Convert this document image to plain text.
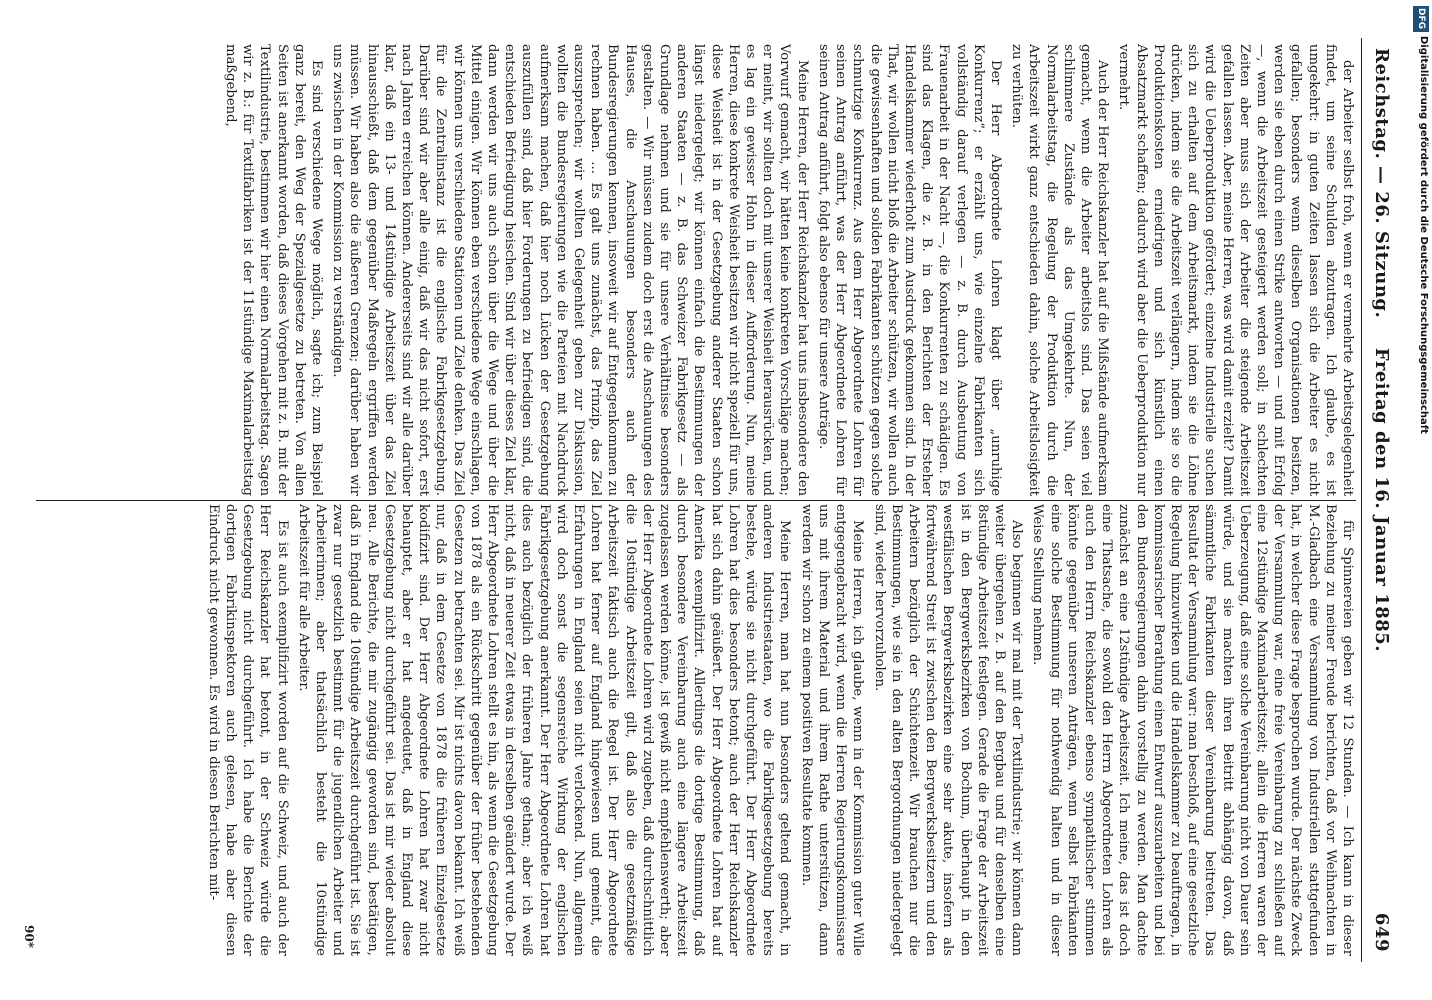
Reichstag. — 26. Sitzung.
Freitag den 16. Januar 1885.
649

der Arbeiter selbst froh, wenn er vermehrte Arbeitsgelegenheit findet, um seine Schulden abzutragen. Ich glaube, es ist umgekehrt: in guten Zeiten lassen sich die Arbeiter es nicht gefallen; besonders wenn dieselben Organisationen besitzen, werden sie eben durch einen Strike antworten — und mit Erfolg —, wenn die Arbeitszeit gesteigert werden soll; in schlechten Zeiten aber muss sich der Arbeiter die steigende Arbeitszeit gefallen lassen. Aber, meine Herren, was wird damit erzielt? Damit wird die Ueberproduktion gefördert; einzelne Industrielle suchen sich zu erhalten auf dem Arbeitsmarkt, indem sie die Löhne drücken, indem sie die Arbeitszeit verlängern, indem sie so die Produktionskosten erniedrigen und sich künstlich einen Absatzmarkt schaffen; dadurch wird aber die Ueberproduktion nur vermehrt.

Auch der Herr Reichskanzler hat auf die Mißstände aufmerksam gemacht, wenn die Arbeiter arbeitslos sind. Das seien viel schlimmere Zustände als das Umgekehrte. Nun, der Normalarbeitstag, die Regelung der Produktion durch die Arbeitszeit wirkt ganz entschieden dahin, solche Arbeitslosigkeit zu verhüten.

Der Herr Abgeordnete Lohren klagt über „unruhige Konkurrenz“; er erzählt uns, wie einzelne Fabrikanten sich vollständig darauf verlegen — z. B. durch Ausbeutung von Frauenarbeit in der Nacht —, die Konkurrenten zu schädigen. Es sind das Klagen, die z. B. in den Berichten der Ersteher Handelskammer wiederholt zum Ausdruck gekommen sind. In der That, wir wollen nicht bloß die Arbeiter schützen, wir wollen auch die gewissenhaften und soliden Fabrikanten schützen gegen solche schmutzige Konkurrenz. Aus dem Herr Abgeordnete Lohren für seinen Antrag anführt, was der Herr Abgeordnete Lohren für seinen Antrag anführt, folgt also ebenso für unsere Anträge.

Meine Herren, der Herr Reichskanzler hat uns insbesondere den Vorwurf gemacht, wir hätten keine konkreten Vorschläge machen; er meint, wir sollten doch mit unserer Weisheit herausrücken, und es lag ein gewisser Hohn in dieser Aufforderung. Nun, meine Herren, diese konkrete Weisheit besitzen wir nicht speziell für uns, diese Weisheit ist in der Gesetzgebung anderer Staaten schon längst niedergelegt; wir können einfach die Bestimmungen der anderen Staaten — z. B. das Schweizer Fabrikgesetz — als Grundlage nehmen und sie für unsere Verhältnisse besonders gestalten. — Wir müssen zudem doch erst die Anschauungen des Hauses, die Anschauungen besonders auch der Bundesregierungen kennen, insoweit wir auf Entgegenkommen zu rechnen haben. ... Es galt uns zunächst, das Prinzip, das Ziel auszusprechen; wir wollten Gelegenheit geben zur Diskussion, wollten die Bundesregierungen wie die Parteien mit Nachdruck aufmerksam machen, daß hier noch Lücken der Gesetzgebung auszufüllen sind, daß hier Forderungen zu befriedigen sind, die entschieden Befriedigung heischen. Sind wir über dieses Ziel klar, dann werden wir uns auch schon über die Wege und über die Mittel einigen. Wir können eben verschiedene Wege einschlagen, wir können uns verschiedene Stationen und Ziele denken. Das Ziel für die Zentralinstanz ist die englische Fabrikgesetzgebung. Darüber sind wir aber alle einig, daß wir das nicht sofort, erst nach Jahren erreichen können. Andererseits sind wir alle darüber klar, daß ein 13- und 14stündige Arbeitszeit über das Ziel hinausschießt, daß dem gegenüber Maßregeln ergriffen werden müssen. Wir haben also die äußeren Grenzen; darüber haben wir uns zwischen in der Kommission zu verständigen.

Es sind verschiedene Wege möglich, sagte ich; zum Beispiel ganz bereit, den Weg der Spezialgesetze zu betreten. Von allen Seiten ist anerkannt worden, daß dieses Vorgehen mit z. B. mit der Textilindustrie, bestimmen wir hier einen Normalarbeitstag. Sagen wir z. B.: für Textilfabriken ist der 11stündige Maximalarbeitstag maßgebend,

für Spinnereien geben wir 12 Stunden. — Ich kann in dieser Beziehung zu meiner Freude berichten, daß vor Weihnachten in M.-Gladbach eine Versammlung von Industriellen stattgefunden hat, in welcher diese Frage besprochen wurde. Der nächste Zweck der Versammlung war, eine freie Vereinbarung zu schließen auf eine 12stündige Maximalarbeitszeit; allein die Herren waren der Ueberzeugung, daß eine solche Vereinbarung nicht von Dauer sein würde, und sie machten ihren Beitritt abhängig davon, daß sämmtliche Fabrikanten dieser Vereinbarung beitreten. Das Resultat der Versammlung war: man beschloß, auf eine gesetzliche Regelung hinzuwirken und die Handelskammer zu beauftragen, in kommissarischer Berathung einen Entwurf auszuarbeiten und bei den Bundesregierungen dahin vorstellig zu werden. Man dachte zunächst an eine 12stündige Arbeitszeit. Ich meine, das ist doch eine Thatsache, die sowohl den Herrn Abgeordneten Lohren als auch den Herrn Reichskanzler ebenso sympathischer stimmen könnte gegenüber unseren Anträgen, wenn selbst Fabrikanten eine solche Bestimmung für nothwendig halten und in dieser Weise Stellung nehmen.

Also beginnen wir mal mit der Textilindustrie; wir können dann weiter übergehen z. B. auf den Bergbau und für denselben eine 8stündige Arbeitszeit festlegen. Gerade die Frage der Arbeitszeit ist in den Bergwerksbezirken von Bochum, überhaupt in den westfälischen Bergwerksbezirken eine sehr akute, insofern als fortwährend Streit ist zwischen den Bergwerksbesitzern und den Arbeitern bezüglich der Schichtenzeit. Wir brauchen nur die Bestimmungen, wie sie in den alten Bergordnungen niedergelegt sind, wieder hervorzuholen.

Meine Herren, ich glaube, wenn in der Kommission guter Wille entgegengebracht wird, wenn die Herren Regierungskommissare uns mit ihrem Material und ihrem Rathe unterstützen, dann werden wir schon zu einem positiven Resultate kommen.

Meine Herren, man hat nun besonders geltend gemacht, in anderen Industriestaaten, wo die Fabrikgesetzgebung bereits bestehe, würde sie nicht durchgeführt. Der Herr Abgeordnete Lohren hat dies besonders betont; auch der Herr Reichskanzler hat sich dahin geäußert. Der Herr Abgeordnete Lohren hat auf Amerika exemplifizirt. Allerdings die dortige Bestimmung, daß durch besondere Vereinbarung auch eine längere Arbeitszeit zugelassen werden könne, ist gewiß nicht empfehlenswerth; aber der Herr Abgeordnete Lohren wird zugeben, daß durchschnittlich die 10stündige Arbeitszeit gilt, daß also die gesetzmäßige Arbeitszeit faktisch auch die Regel ist. Der Herr Abgeordnete Lohren hat ferner auf England hingewiesen und gemeint, die Erfahrungen in England seien nicht verlockend. Nun, allgemein wird doch sonst die segensreiche Wirkung der englischen Fabrikgesetzgebung anerkannt. Der Herr Abgeordnete Lohren hat dies auch bezüglich der früheren Jahre gethan; aber ich weiß nicht, daß in neuerer Zeit etwas in derselben geändert wurde. Der Herr Abgeordnete Lohren stellt es hin, als wenn die Gesetzgebung von 1878 als ein Rückschritt gegenüber der früher bestehenden Gesetzen zu betrachten sei. Mir ist nichts davon bekannt. Ich weiß nur, daß in dem Gesetze von 1878 die früheren Einzelgesetze kodifizirt sind. Der Herr Abgeordnete Lohren hat zwar nicht behauptet, aber er hat angedeutet, daß in England diese Gesetzgebung nicht durchgeführt sei. Das ist mir wieder absolut neu. Alle Berichte, die mir zugängig geworden sind, bestätigen, daß in England die 10stündige Arbeitszeit durchgeführt ist. Sie ist zwar nur gesetzlich bestimmt für die jugendlichen Arbeiter und Arbeiterinnen; aber thatsächlich besteht die 10stündige Arbeitszeit für alle Arbeiter.

Es ist auch exemplifizirt worden auf die Schweiz, und auch der Herr Reichskanzler hat betont, in der Schweiz würde die Gesetzgebung nicht durchgeführt. Ich habe die Berichte der dortigen Fabrikinspektoren auch gelesen, habe aber diesen Eindruck nicht gewonnen. Es wird in diesen Berichten mit-

90*
DFG
Digitalisierung gefördert durch die Deutsche Forschungsgemeinschaft
